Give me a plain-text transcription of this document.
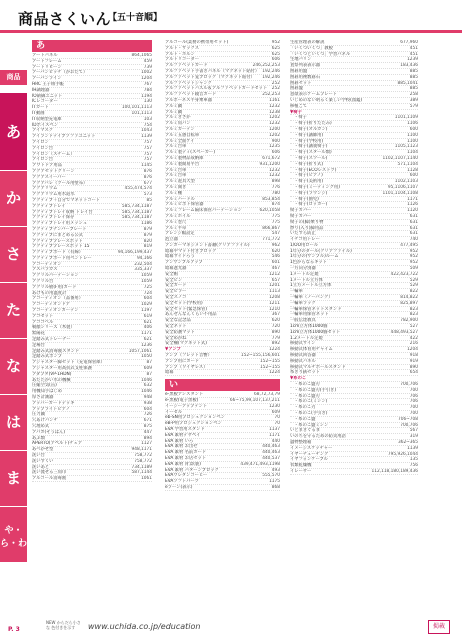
商品さくいん
【五十音順】
商品
あ
か
さ
た
な
は
ま
や・ら・わ
あ
アートパネル	864,1065
アートフレーム	459
アートリビーン	739
アーバンピッチ（かおだて）	1002
アーバンライン	1204
HRC 王子組手帳	767
IH調理器	784
IO制御ユニット	1194
ICレコーダー	130
ITカート	100,101,1113
IT動画	101,1113
IT収納型充電庫	103
IDボイスペン	754
アイマスク	1043
アイランドテイブソファユニット	1139
アイロン	757
アイロン台	757
アイロン（スチーム）	757
アイロン台	757
アウトドア用品	1145
アクアセットグリーン	876
アクアスイーパー	876
アクアパレ（ツール用壁布）	677
アクアリウム	455,474,574
アクアリウム用水道水	573
アクティブ＋自分でマネットコート	85
アクティブトレイ	585,734,1187
アクティブトレイ収納 トレイ台	585,734,1187
アクティブトレイ保存	585,734,1187
アクティブトレイ用メッシュ	1186
アクティブナンバーブレート	879
アクティブにまとめる公式	879
アクティブプレースボット	820
アクティブプレースボット 15	819
アクティブボード（有線）	94,166,199,437
アクティブボード用ペントレー	94,166
アコーディオン	232,504
アスパラガス	335,337
アクリルパーテーション	1059
アクリル台	1059
アクリル板(F用)カード	725
あげもの用温度計	724
アコーディオン（品番用）	604
アコーディオンドア	1029
アコーディオンカーテン	1197
アゴセット	619
アゴゴベル	621
朝顔シリーズ（木製）	406
紫陽花	1171
足踏み式トレーナー	621
足場台	1236
足踏み式消毒液スタンド	1057,1061
足踏み式ポンプ	1050
アジャスター脚セット（充電保管庫）	87
アジャスター用高抗式支柱保護	609
アダプタ(VP-1HDN)	87
あたたかい水の機械	1046
圧縮空気(缶)	632
用機知手はじめ	1046
厚さ計測器	948
アッパーガードデッキ	938
アップライトピアノ	604
圧力鍋	726
穴あけパンチ	671
穴埋め式	875
アパカ(そうぱん)	447
あぶ類	894
APERTO(アペルト)チェア	1127
あべかせ型	948,1171
洗い台	758,772
洗いすくい	758,772
洗いあと	734,1189
洗い流せる三角巾	587,1144
アルコール消毒液	1061
アルコール(業務の携帯用セット)	952
アルト・サックス	625
アルト・ホルン	625
アルトリコーダー	606
アルファベットカード	246,252,253
アルファベット手書きパネル（マグネット貼付） 192,246
アルファベット覚ブロック（マグネット貼付）	192,246
アルファベットジャンク	252
アルファベットパズル＆アルファベットカードセット	252
アルファベット鏡音カード	252,253
アルポーネス半身乗車器	1161
アルミ鍋	1232
アルミ鍋	1238
アルミきさか	1202
アルミ角パン	1232
アルミカーテン	1200
アルミ五感自転車	1202
アルミ全面ゲイ	900
アルミ台車	1235
アルミ製ディ(スペーカー)	606
アルミ製物品収納庫	671,672
アルミ製簡易平台	931,1200
アルミ台車	1232
アルミ台車	1232
アルミ遊具大型	898
アルミ開き	776
アルミ棚	780
アルミハードル	853,854
アルミピボト保管器	874
アルミフレーム隔床保管パーテーション	620,1058
アルミホイル	775
アルミ巻尺	775
アルミ平卓	866,867
アレンジ幅設定	547
泡立器	771,772
アンガーマネジメント書籍(クリアファイル)	962
暗幕やマット付きブロック	620
暗幕サイドろう	546
アンサンブルアップ	601
暗幕遮光器	467
安全帽	1212
安全ピン	657
安全カード	1201
安全ピラー	1113
安全スノコ	1208
安全セット(学校用)	1211
安全セット(緊急保管)	1210
あんぜんなんくらい不用品	367
安全な記念品	620
安全ネット	720
安全防護マット	890
安全めがね	779
安全柵(マグネット式)	892
▼アンプ	1224
アンプ（フレット音響）	152~155,156,601
アンプ用にカード	152~155
アンプ（ワイヤレス）	152~155
暗幕	1224
い
e-黒板アシスタント	68,72,73,79
e-黒板(電子黒板)	66~75,99,107,137,211
イージーアップテント	1230
イーゼル	609
eb-SN用プロジェクションペン	70
eB-P用プロジェクションペン	70
EVA 学習用スタンド	1137
EVA 素材デザペイ	1171
EVA 素材 いろ	440
EVA 素材 お出せ	440,463
EVA 素材 名前カード	440,463
EVA 素材 お店セット	440,537
EVA 素材 背景(裏)	439,471,493,1198
EVA 素材 パターンブロック	493
EVAウレタンコーヒー	555,570
EVAソフトパーツ	1175
eラーン(表示)	868
生産管理表の解説	677,960
「いくついくつ」教板	451
「いくつといくつ」学習パネル	451
生地バリン	1239
査察列表表示器	183,436
囲碁用盤	885
囲碁用複数碁石	885
囲碁セット	885,1041
囲碁盤	885
意欲表示ゲームプレート	258
いじめのない明るく楽しい学校(図鑑)	389
移植ごて	579
▼椅子
・椅子	1101,1109
・椅子(折りたたみ)	1106
・椅子(オルガン)	600
・椅子(講師用)	1100
・椅子(学校用)	1100
・椅子(講義椅子)	1105,1123
・椅子(スタール類)	1104
・椅子(スツール)	1102,1107,1140
・椅子(折り式)	571,1104
・椅子(ECOレストツ)	1128
・椅子(ピアノ)	600
・椅子(美術用)	1102,1103
・椅子(ミーティング用)	95,1106,1107
・椅子(ラウンジ)	1101,1104,1108
・椅子(園児)	1171
・椅子(ロッカー)	1126
椅子カバー	1120
椅子カバー	631
椅子の(脚)乗り物	631
炒り(入り)脚用品	631
いたずら防止	631
イチゴ用トレー	740
1/OO用ロール	477,495
1年分のダール(クリアファイル)	952
1年分の(サンプル)ルーム	952
1色からなるキット	952
一方向分別器	509
1メートル定規	422,423,722
1メートル立方体	529
1立方メートル立方体	529
一輪車	822
一輪車（ノーパンク）	814,822
一輪車ラック	825,897
一輪車保管ネットスタンド	823
一輪車用保管ネット	823
一般伝達教具	782,900
1cm立方体1000個	527
1cm立方体1000個セット	448,493,527
1.2メートル定規	422
移動式サイン	216
移動式体育用チャイム	1204
移動式回答器	918
移動式パネル	919
移動式マルチボールスタンド	890
糸きり鋏セット	654
▼糸のこ
・糸のこ盤刃	700,706
・糸のこ盤刃(手引き)	700
・糸のこ盤刃	706
・糸のこ(ミシン)	706
・糸のこ刃	700
・糸のこ(手引き)	700
・糸のこ盤	706~708
・糸のこ盤ミシン	700,706
いとまきぐるま	567
いのちを守るための防災用語	319
遺物整理箱	362~365
イメージスケッチャー	1139
イヤーチューチング	795,926,1044
イヤフォンケーブル	135
衣類乾燥機	756
イレーザー	112,118,180,189,436
P. 3
NEW からだら小さな 色付きを示す	www.uchida.co.jp/education	掲載
